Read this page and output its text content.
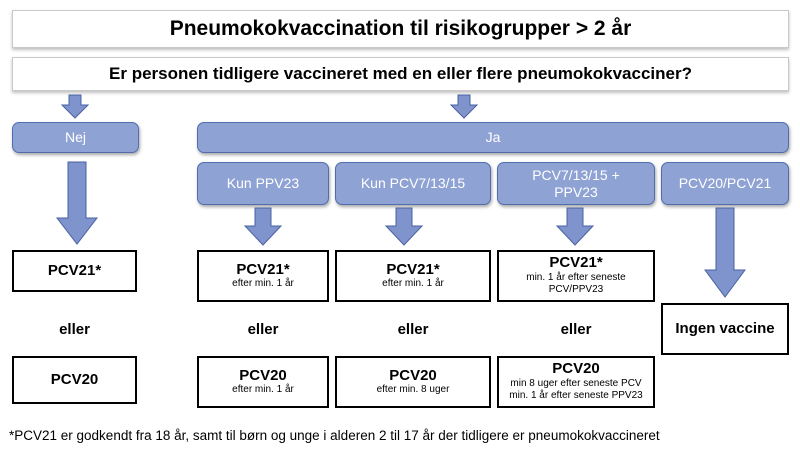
Pneumokokvaccination til risikogrupper > 2 år
Er personen tidligere vaccineret med en eller flere pneumokokvacciner?
Nej	Ja
Kun PPV23	Kun PCV7/13/15
PCV7/13/15 +
PPV23
PCV20/PCV21
PCV21*
eller
PCV20
PCV21*
efter min. 1 år
eller
PCV20
efter min. 1 år
PCV21*
efter min. 1 år
eller
PCV20
efter min. 8 uger
PCV21*
min. 1 år efter seneste
PCV/PPV23
eller
PCV20
min 8 uger efter seneste PCV
min. 1 år efter seneste PPV23
Ingen vaccine
*PCV21 er godkendt fra 18 år, samt til børn og unge i alderen 2 til 17 år der tidligere er pneumokokvaccineret
